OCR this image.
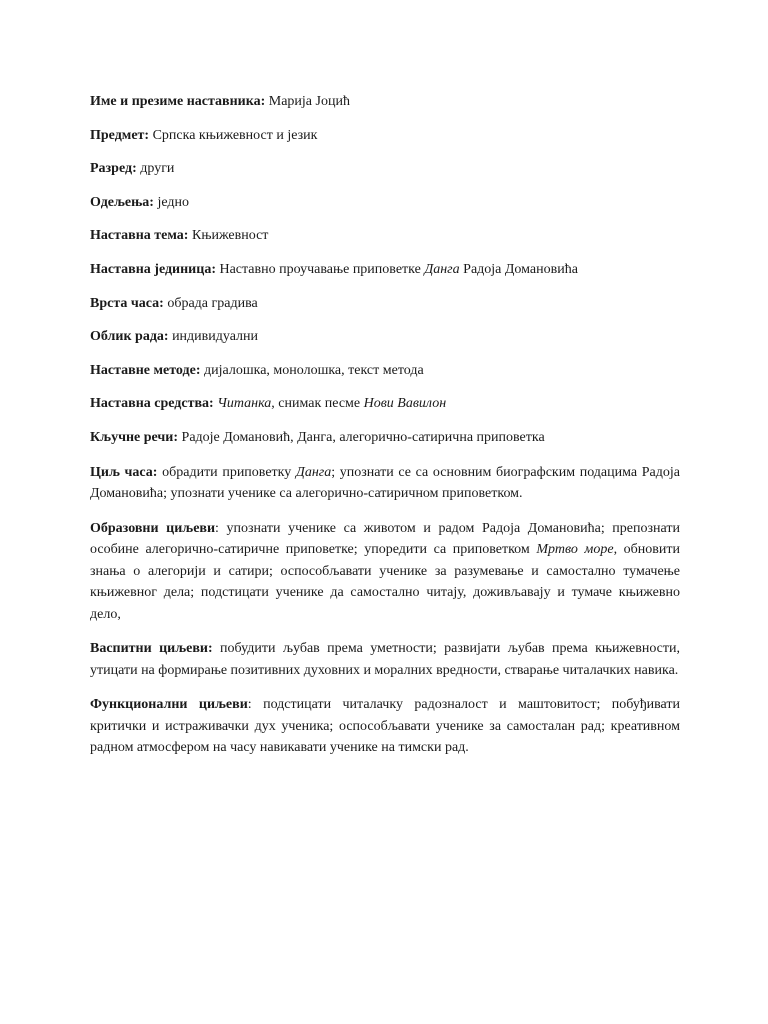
Име и презиме наставника: Марија Јоцић
Предмет: Српска књижевност и језик
Разред: други
Одељења: једно
Наставна тема: Књижевност
Наставна јединица: Наставно проучавање приповетке Данга Радоја Домановића
Врста часа: обрада градива
Облик рада: индивидуални
Наставне методе: дијалошка, монолошка, текст метода
Наставна средства: Читанка, снимак песме Нови Вавилон
Кључне речи: Радоје Домановић, Данга, алегорично-сатирична приповетка
Циљ часа: обрадити приповетку Данга; упознати се са основним биографским подацима Радоја Домановића; упознати ученике са алегорично-сатиричном приповетком.
Образовни циљеви: упознати ученике са животом и радом Радоја Домановића; препознати особине алегорично-сатиричне приповетке; упоредити са приповетком Мртво море, обновити знања о алегорији и сатири; оспособљавати ученике за разумевање и самостално тумачење књижевног дела; подстицати ученике да самостално читају, доживљавају и тумаче књижевно дело,
Васпитни циљеви: побудити љубав према уметности; развијати љубав према књижевности, утицати на формирање позитивних духовних и моралних вредности, стварање читалачких навика.
Функционални циљеви: подстицати читалачку радозналост и маштовитост; побуђивати критички и истраживачки дух ученика; оспособљавати ученике за самосталан рад; креативном радном атмосфером на часу навикавати ученике на тимски рад.
